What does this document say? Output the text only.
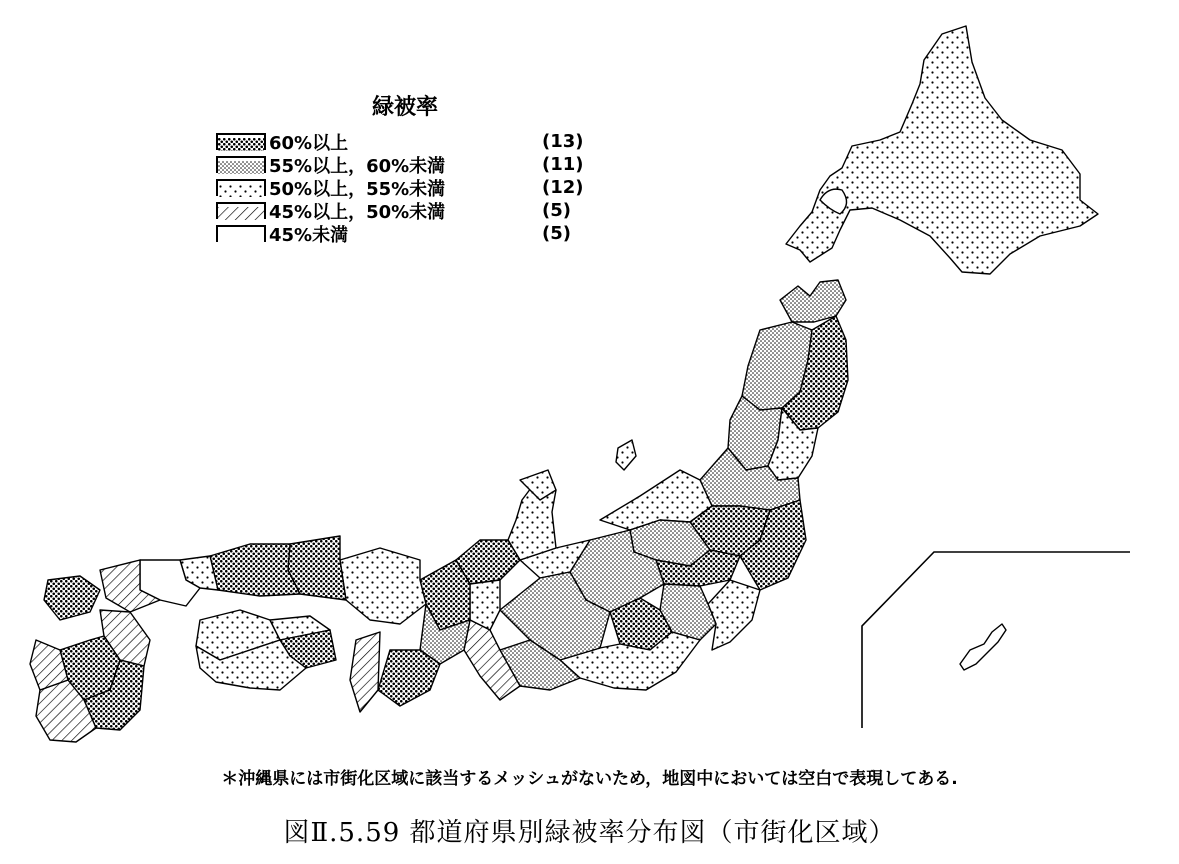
緑被率
60%以上	(13)
55%以上，60%未満	(11)
50%以上，55%未満	(12)
45%以上，50%未満	(5)
45%未満	(5)
＊沖縄県には市街化区域に該当するメッシュがないため，地図中においては空白で表現してある.
図Ⅱ.5.59 都道府県別緑被率分布図（市街化区域）
